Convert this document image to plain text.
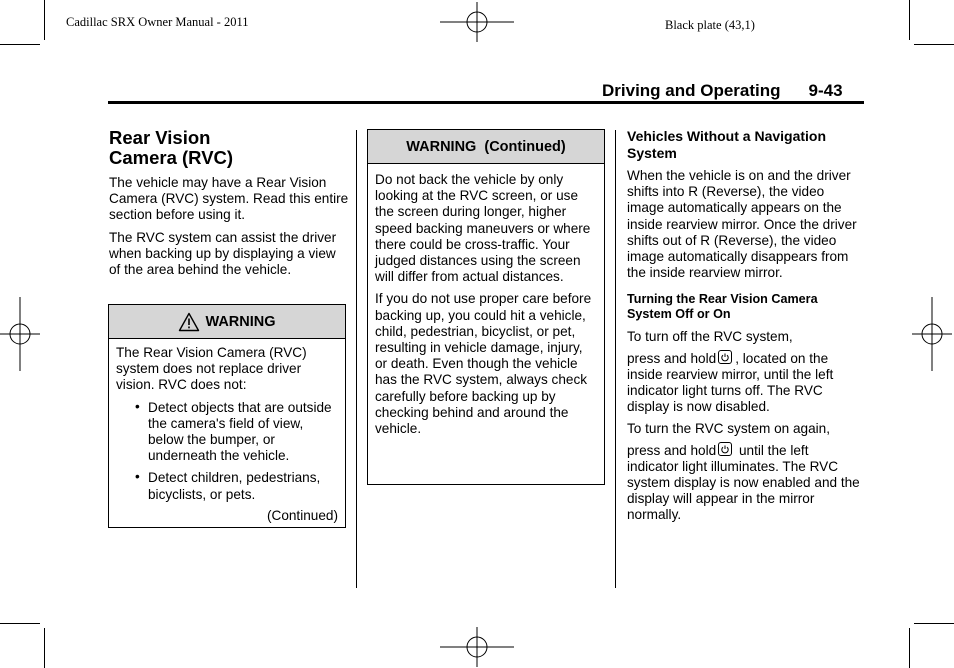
Cadillac SRX Owner Manual - 2011	Black plate (43,1)
Driving and Operating 9-43
Rear Vision
Camera (RVC)

The vehicle may have a Rear Vision Camera (RVC) system. Read this entire section before using it.

The RVC system can assist the driver when backing up by displaying a view of the area behind the vehicle.

WARNING

The Rear Vision Camera (RVC) system does not replace driver vision. RVC does not:

• Detect objects that are outside the camera's field of view, below the bumper, or underneath the vehicle.
• Detect children, pedestrians, bicyclists, or pets.
(Continued)
WARNING  (Continued)

Do not back the vehicle by only looking at the RVC screen, or use the screen during longer, higher speed backing maneuvers or where there could be cross-traffic. Your judged distances using the screen will differ from actual distances.

If you do not use proper care before backing up, you could hit a vehicle, child, pedestrian, bicyclist, or pet, resulting in vehicle damage, injury, or death. Even though the vehicle has the RVC system, always check carefully before backing up by checking behind and around the vehicle.

Vehicles Without a Navigation System

When the vehicle is on and the driver shifts into R (Reverse), the video image automatically appears on the inside rearview mirror. Once the driver shifts out of R (Reverse), the video image automatically disappears from the inside rearview mirror.

Turning the Rear Vision Camera System Off or On

To turn off the RVC system,

press and hold , located on the inside rearview mirror, until the left indicator light turns off. The RVC display is now disabled.

To turn the RVC system on again,

press and hold until the left indicator light illuminates. The RVC system display is now enabled and the display will appear in the mirror normally.
